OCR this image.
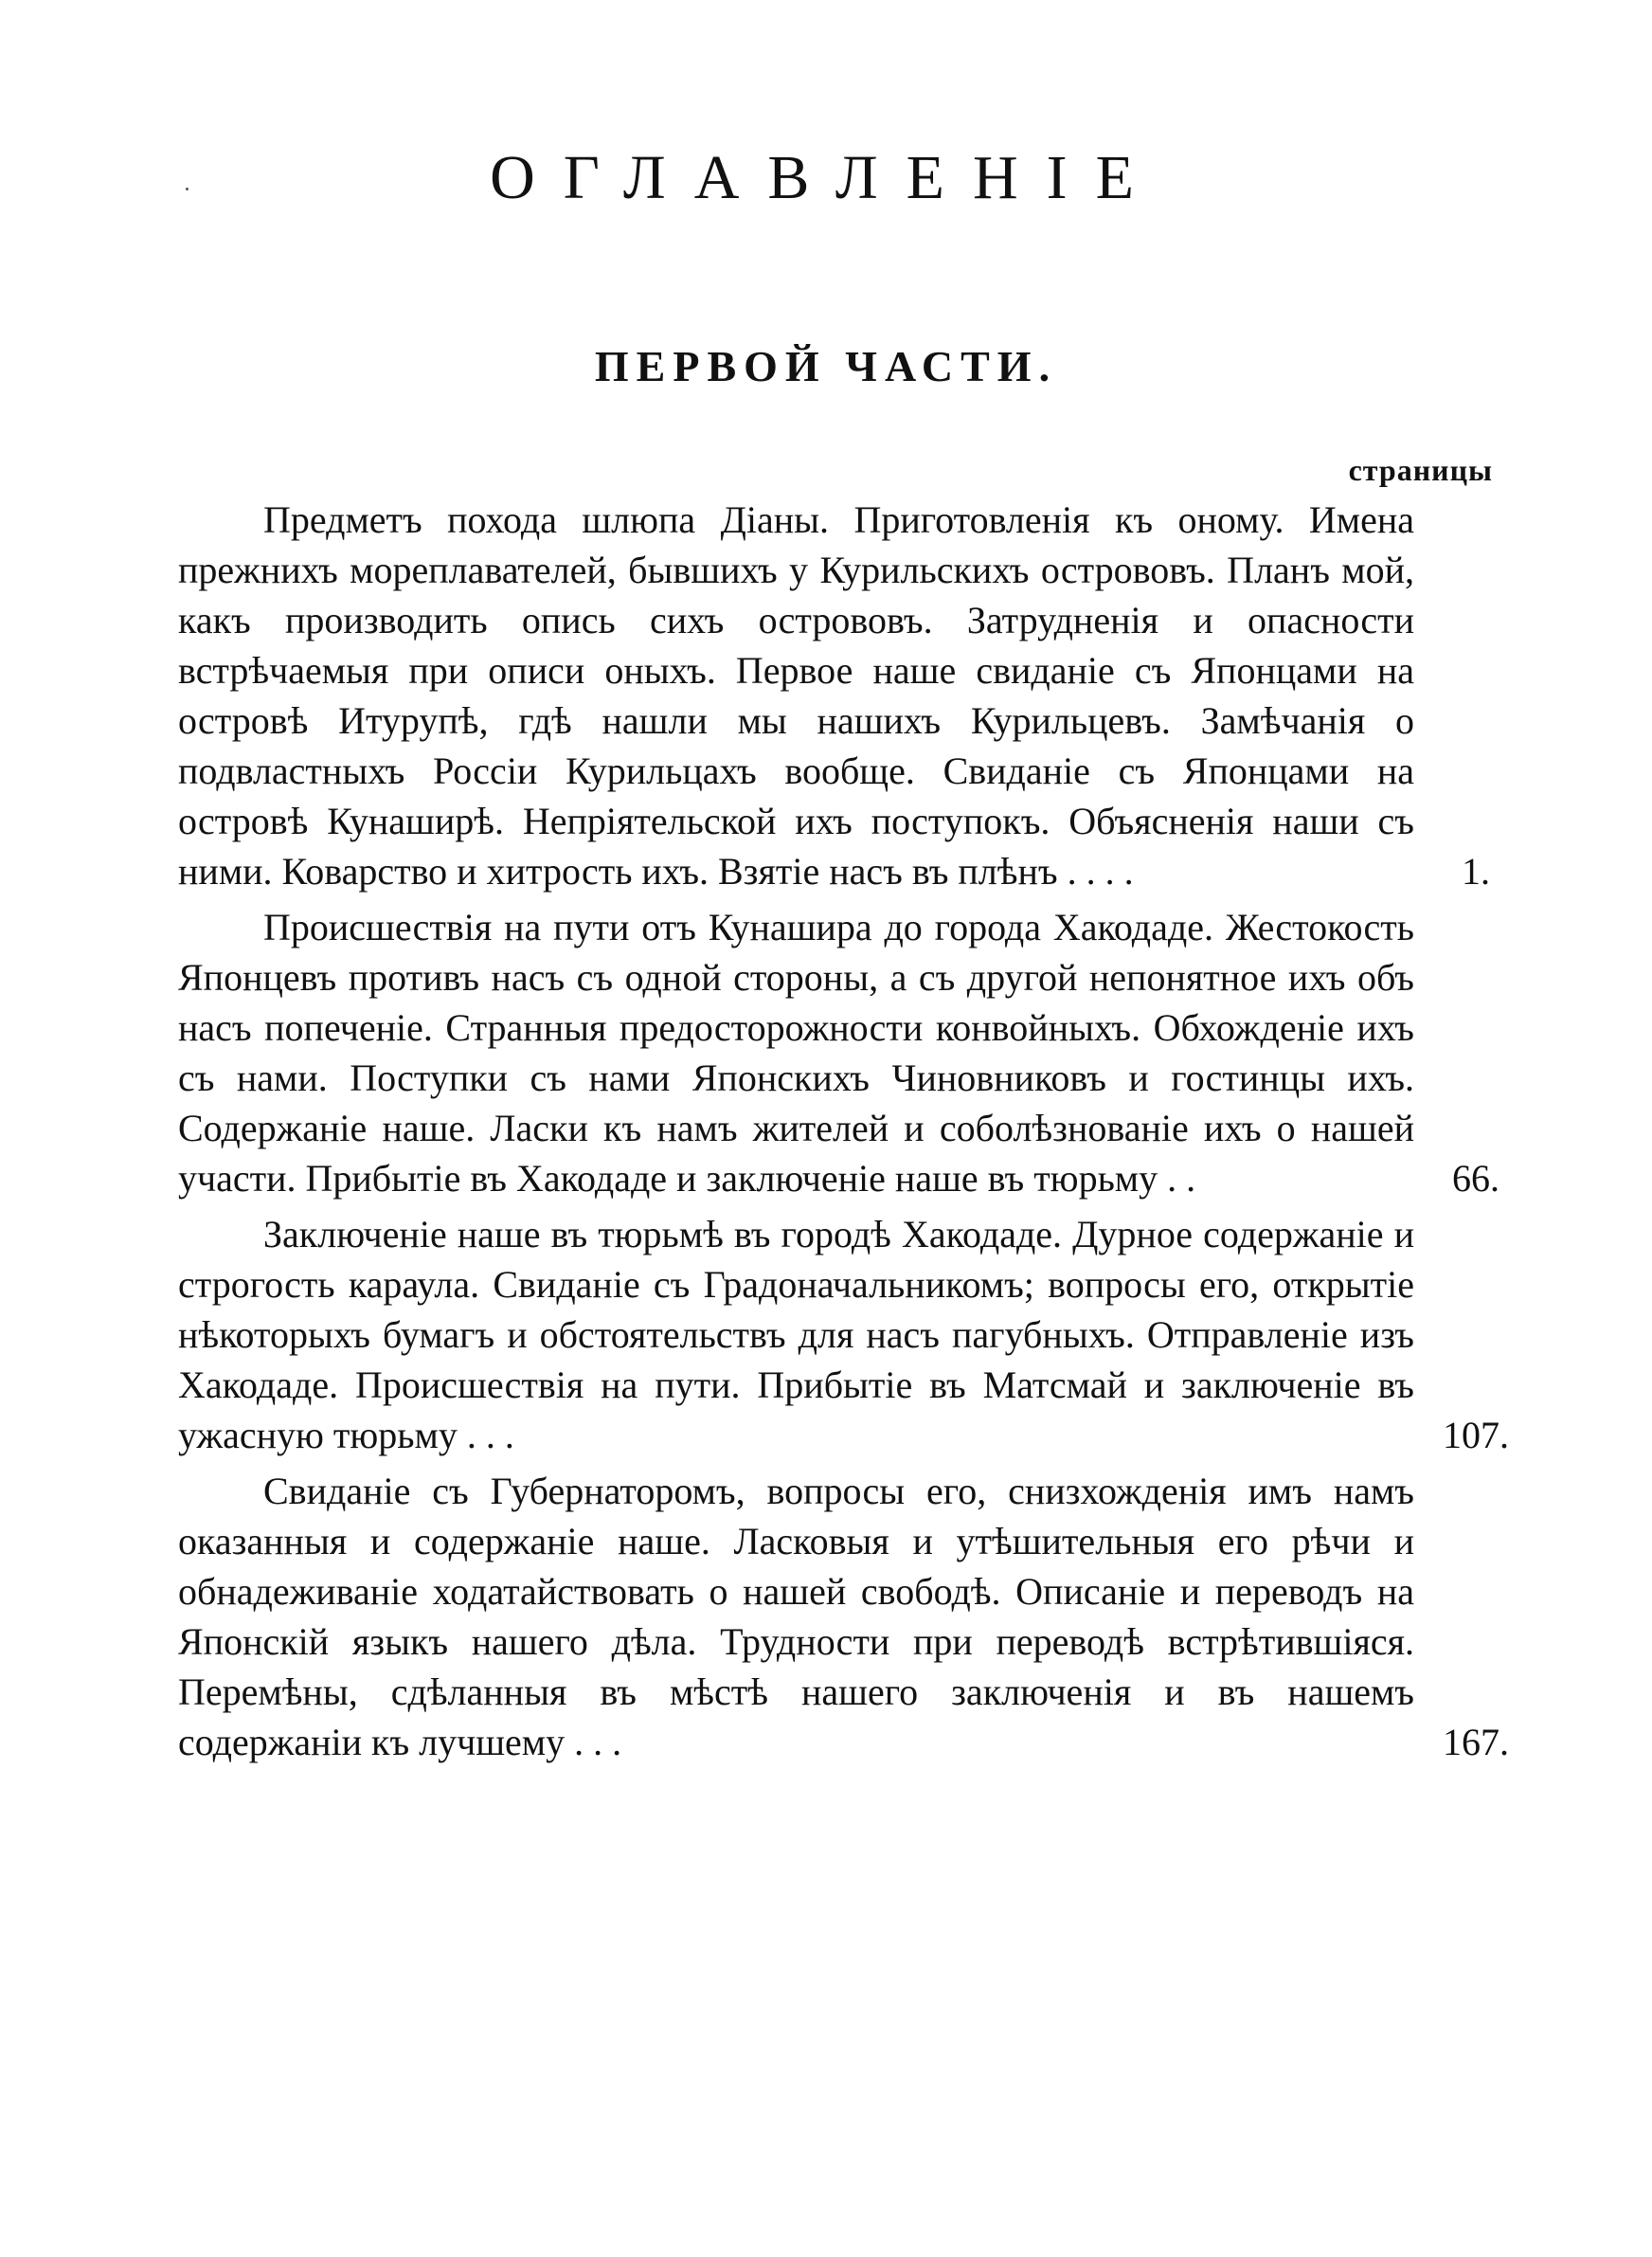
ОГЛАВЛЕНІЕ
ПЕРВОЙ ЧАСТИ.
страницы

Предметъ похода шлюпа Діаны. Приготовленія къ оному. Имена прежнихъ мореплавателей, бывшихъ у Курильскихъ острововъ. Планъ мой, какъ производить опись сихъ острововъ. Затрудненія и опасности встрѣчаемыя при описи оныхъ. Первое наше свиданіе съ Японцами на островѣ Итурупѣ, гдѣ нашли мы нашихъ Курильцевъ. Замѣчанія о подвластныхъ Россіи Курильцахъ вообще. Свиданіе съ Японцами на островѣ Кунаширѣ. Непріятельской ихъ поступокъ. Объясненія наши съ ними. Коварство и хитрость ихъ. Взятіе насъ въ плѣнъ . . . .	1.

Происшествія на пути отъ Кунашира до города Хакодаде. Жестокость Японцевъ противъ насъ съ одной стороны, а съ другой непонятное ихъ объ насъ попеченіе. Странныя предосторожности конвойныхъ. Обхожденіе ихъ съ нами. Поступки съ нами Японскихъ Чиновниковъ и гостинцы ихъ. Содержаніе наше. Ласки къ намъ жителей и соболѣзнованіе ихъ о нашей участи. Прибытіе въ Хакодаде и заключеніе наше въ тюрьму . .	66.

Заключеніе наше въ тюрьмѣ въ городѣ Хакодаде. Дурное содержаніе и строгость караула. Свиданіе съ Градоначальникомъ; вопросы его, открытіе нѣкоторыхъ бумагъ и обстоятельствъ для насъ пагубныхъ. Отправленіе изъ Хакодаде. Происшествія на пути. Прибытіе въ Матсмай и заключеніе въ ужасную тюрьму . . .	107.

Свиданіе съ Губернаторомъ, вопросы его, снизхожденія имъ намъ оказанныя и содержаніе наше. Ласковыя и утѣшительныя его рѣчи и обнадеживаніе ходатайствовать о нашей свободѣ. Описаніе и переводъ на Японскій языкъ нашего дѣла. Трудности при переводѣ встрѣтившіяся. Перемѣны, сдѣланныя въ мѣстѣ нашего заключенія и въ нашемъ содержаніи къ лучшему . . .	167.
